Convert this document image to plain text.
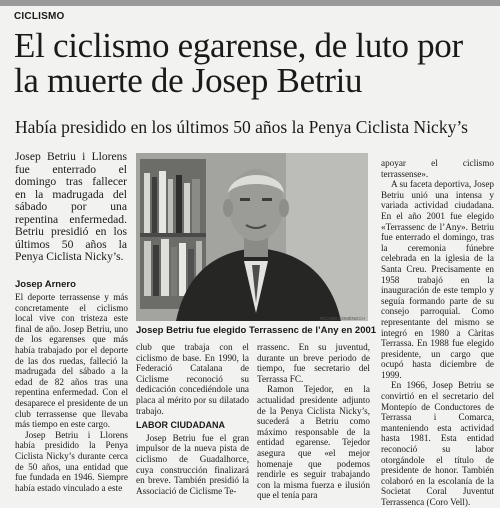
CICLISMO
El ciclismo egarense, de luto por la muerte de Josep Betriu
Había presidido en los últimos 50 años la Penya Ciclista Nicky’s
Josep Betriu i Llorens fue enterrado el domingo tras fallecer en la madrugada del sábado por una repentina enfermedad. Betriu presidió en los últimos 50 años la Penya Ciclista Nicky’s.
Josep Arnero

El deporte terrassense y más concretamente el ciclismo local vive con tristeza este final de año. Josep Betriu, uno de los egarenses que más había trabajado por el deporte de las dos ruedas, falleció la madrugada del sábado a la edad de 82 años tras una repentina enfermedad. Con el desaparece el presidente de un club terrassense que llevaba más tiempo en este cargo.

Josep Betriu i Llorens había presidido la Penya Ciclista Nicky’s durante cerca de 50 años, una entidad que fue fundada en 1946. Siempre había estado vinculado a este

RICARD DOMÈNECH
Josep Betriu fue elegido Terrassenc de l’Any en 2001

club que trabaja con el ciclismo de base. En 1990, la Federació Catalana de Ciclisme reconoció su dedicación concediéndole una placa al mérito por su dilatado trabajo.

LABOR CIUDADANA

Josep Betriu fue el gran impulsor de la nueva pista de ciclismo de Guadalhorce, cuya construcción finalizará en breve. También presidió la Associació de Ciclisme Te-

rrassenc. En su juventud, durante un breve periodo de tiempo, fue secretario del Terrassa FC.

Ramon Tejedor, en la actualidad presidente adjunto de la Penya Ciclista Nicky’s, sucederá a Betriu como máximo responsable de la entidad egarense. Tejedor asegura que «el mejor homenaje que podemos rendirle es seguir trabajando con la misma fuerza e ilusión que el tenía para

apoyar el ciclismo terrassense».

A su faceta deportiva, Josep Betriu unió una intensa y variada actividad ciudadana. En el año 2001 fue elegido «Terrassenc de l’Any». Betriu fue enterrado el domingo, tras la ceremonia fúnebre celebrada en la iglesia de la Santa Creu. Precisamente en 1958 trabajó en la inauguración de este templo y seguía formando parte de su consejo parroquial. Como representante del mismo se integró en 1980 a Càritas Terrassa. En 1988 fue elegido presidente, un cargo que ocupó hasta diciembre de 1999.

En 1966, Josep Betriu se convirtió en el secretario del Montepío de Conductores de Terrassa i Comarca, manteniendo esta actividad hasta 1981. Esta entidad reconoció su labor otorgándole el título de presidente de honor. También colaboró en la escolanía de la Societat Coral Juventut Terrassenca (Coro Vell).
